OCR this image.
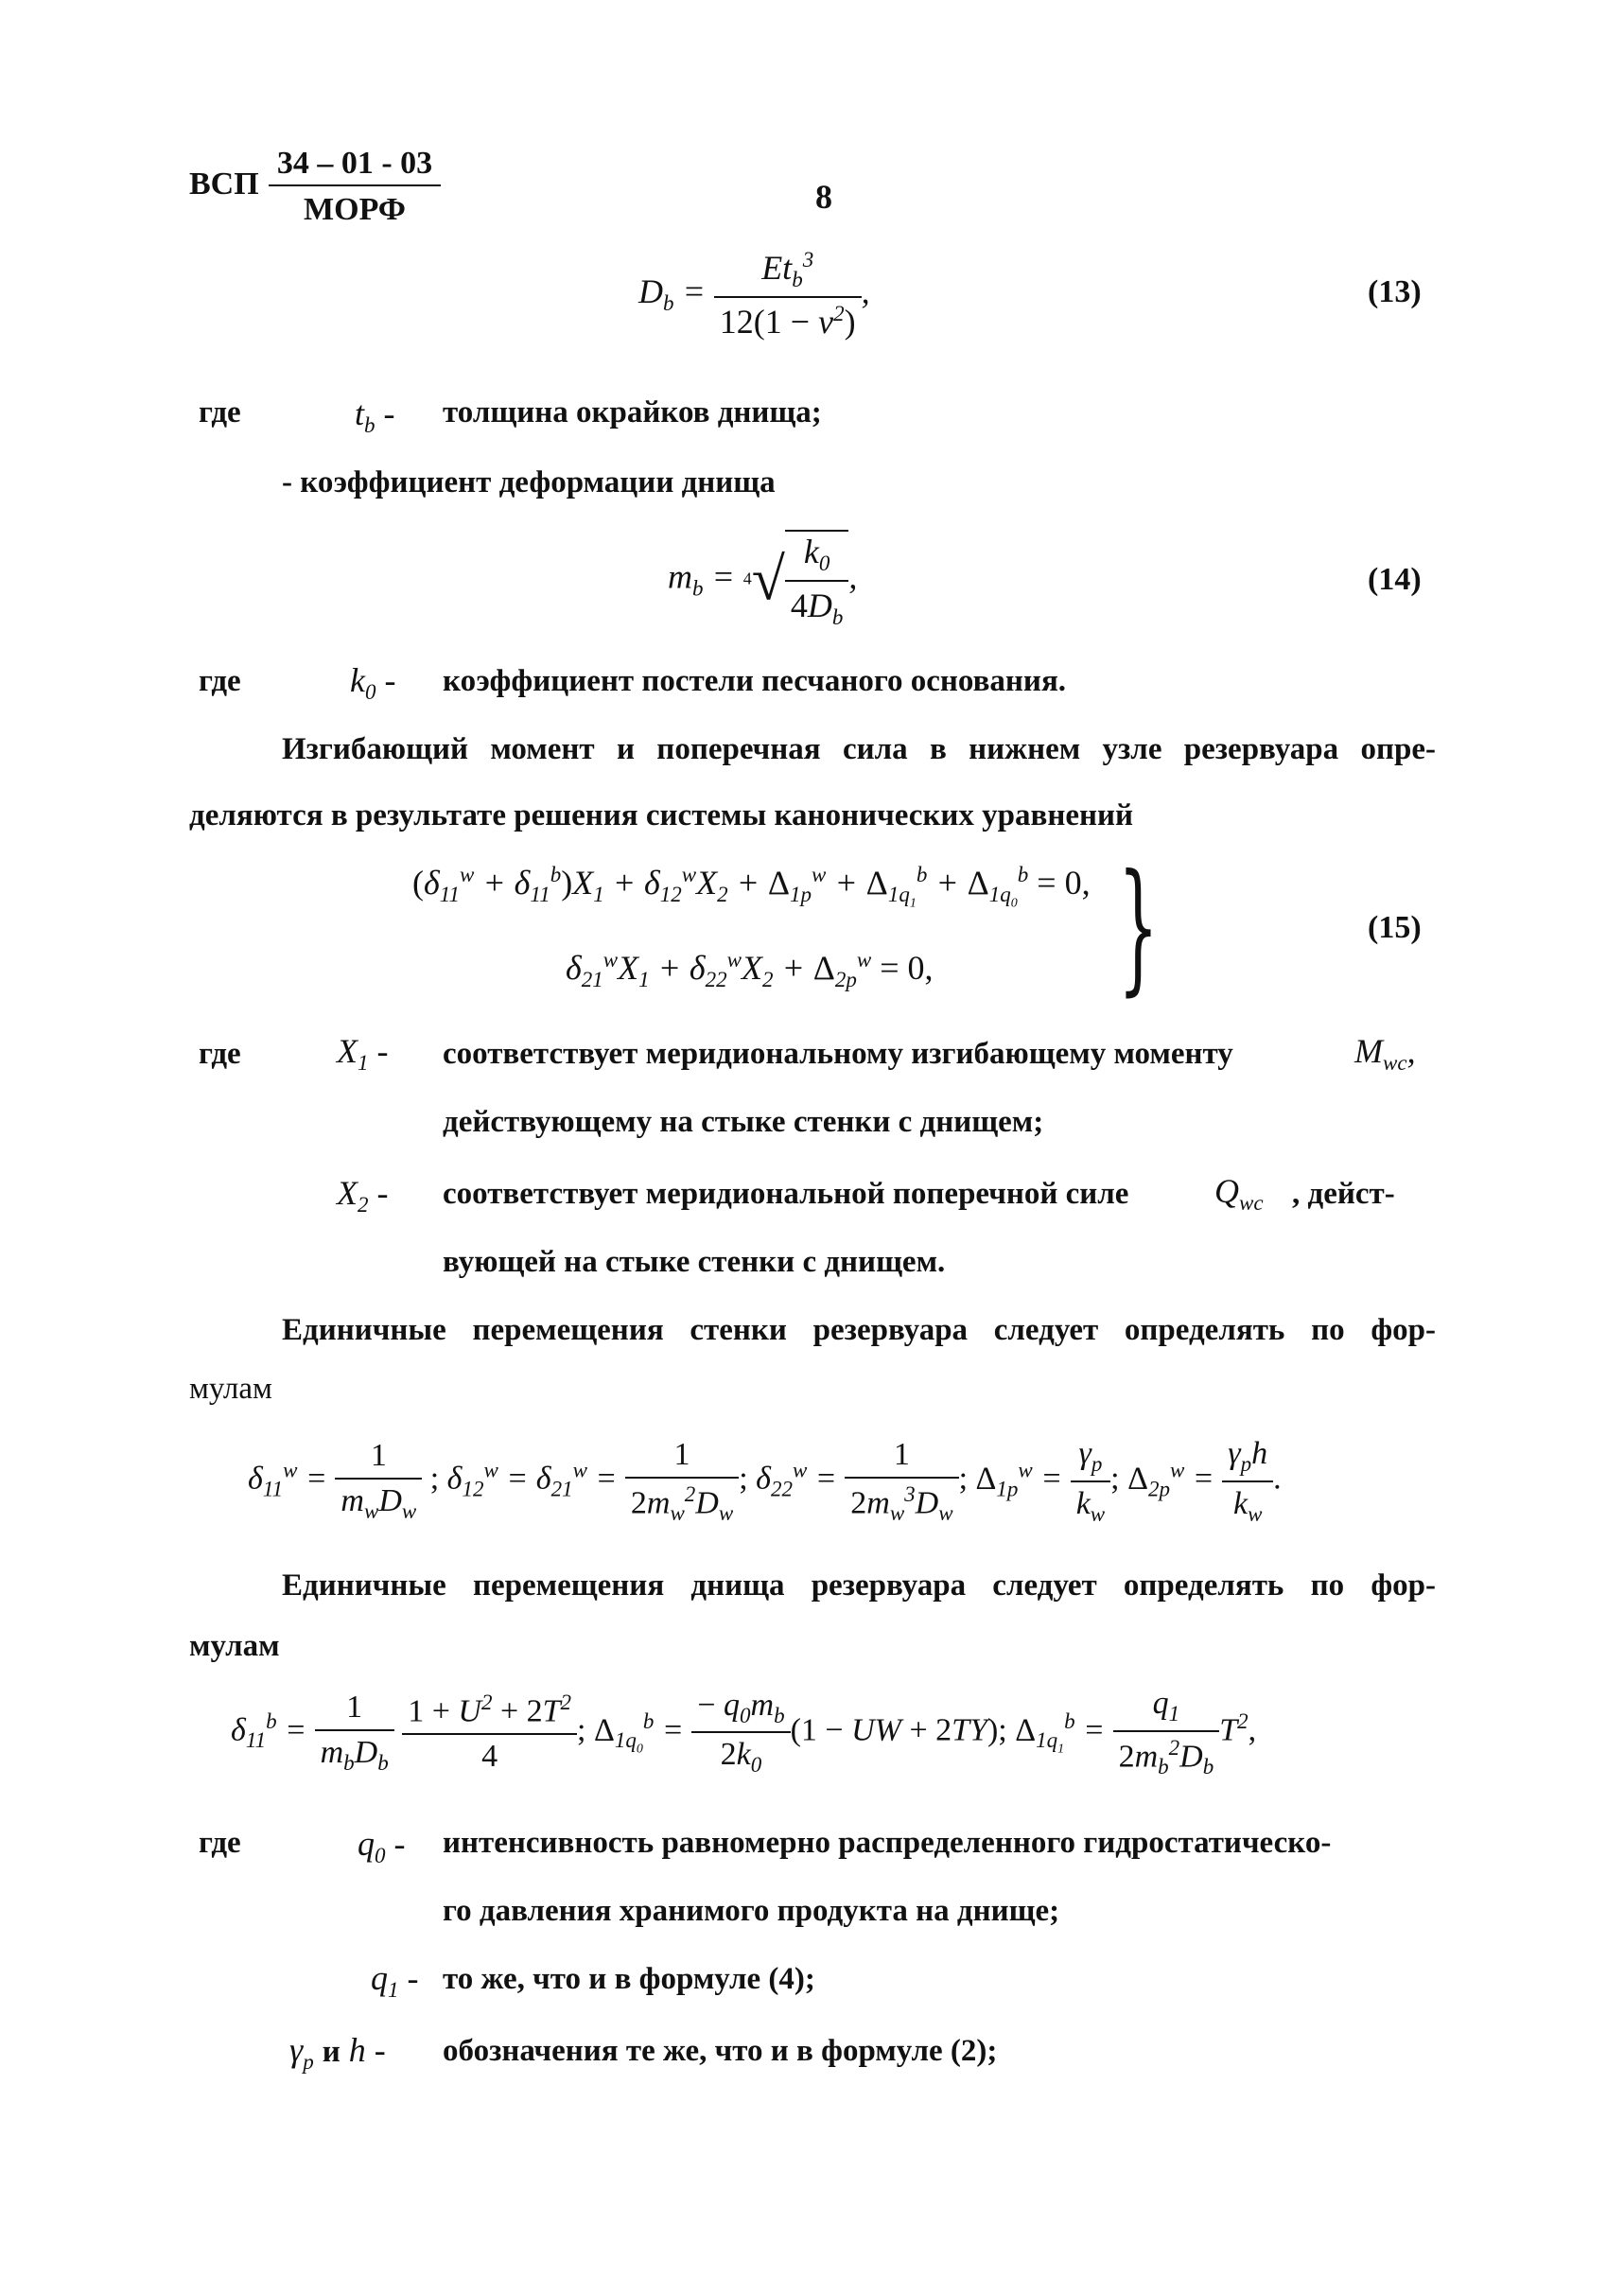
ВСП
34 – 01 - 03
МОРФ	8
$D_b = \frac{Et_b^3}{12(1 - \nu^2)}$ ,	(13)
где	$t_b$ - толщина окрайков днища;
- коэффициент деформации днища
$m_b = 4√ \frac{k_0}{4D_b}$ ,	(14)
где	$k_0$ - коэффициент постели песчаного основания.
Изгибающий момент и поперечная сила в нижнем узле резервуара опре-
деляются в результате решения системы канонических уравнений
$(\delta_{11}^w + \delta_{11}^b)X_1 + \delta_{12}^wX_2 + \Delta_{1p}^w + \Delta_{1q_1}^b + \Delta_{1q_0}^b = 0$,
$\delta_{21}^wX_1 + \delta_{22}^wX_2 + \Delta_{2p}^w = 0$, }	(15)
где	$X_1$ - соответствует меридиональному изгибающему моменту	$M_{wc}$,
действующему на стыке стенки с днищем;
$X_2$ - соответствует меридиональной поперечной силе	$Q_{wc}$ , дейст-
вующей на стыке стенки с днищем.
Единичные перемещения стенки резервуара следует определять по фор-
мулам
$\delta_{11}^w = \frac{1}{m_wD_w}$ ; $\delta_{12}^w = \delta_{21}^w = \frac{1}{2m_w^2D_w}$ ; $\delta_{22}^w = \frac{1}{2m_w^3D_w}$ ; $\Delta_{1p}^w = \frac{\gamma_p}{k_w}$ ; $\Delta_{2p}^w = \frac{\gamma_ph}{k_w}$ .
Единичные перемещения днища резервуара следует определять по фор-
мулам
$\delta_{11}^b = \frac{1}{m_bD_b}$
$\frac{1 + U^2 + 2T^2}{4}$ ; $\Delta_{1q_0}^b = \frac{- q_0m_b}{2k_0} (1$ − UW + 2TY); $\Delta_{1q_1}^b = \frac{q_1}{2m_b^2D_b} T^2$,
где	$q_0$ - интенсивность равномерно распределенного гидростатическо-
го давления хранимого продукта на днище;
$q_1$ - то же, что и в формуле (4);
$\gamma_p$ и h - обозначения те же, что и в формуле (2);
